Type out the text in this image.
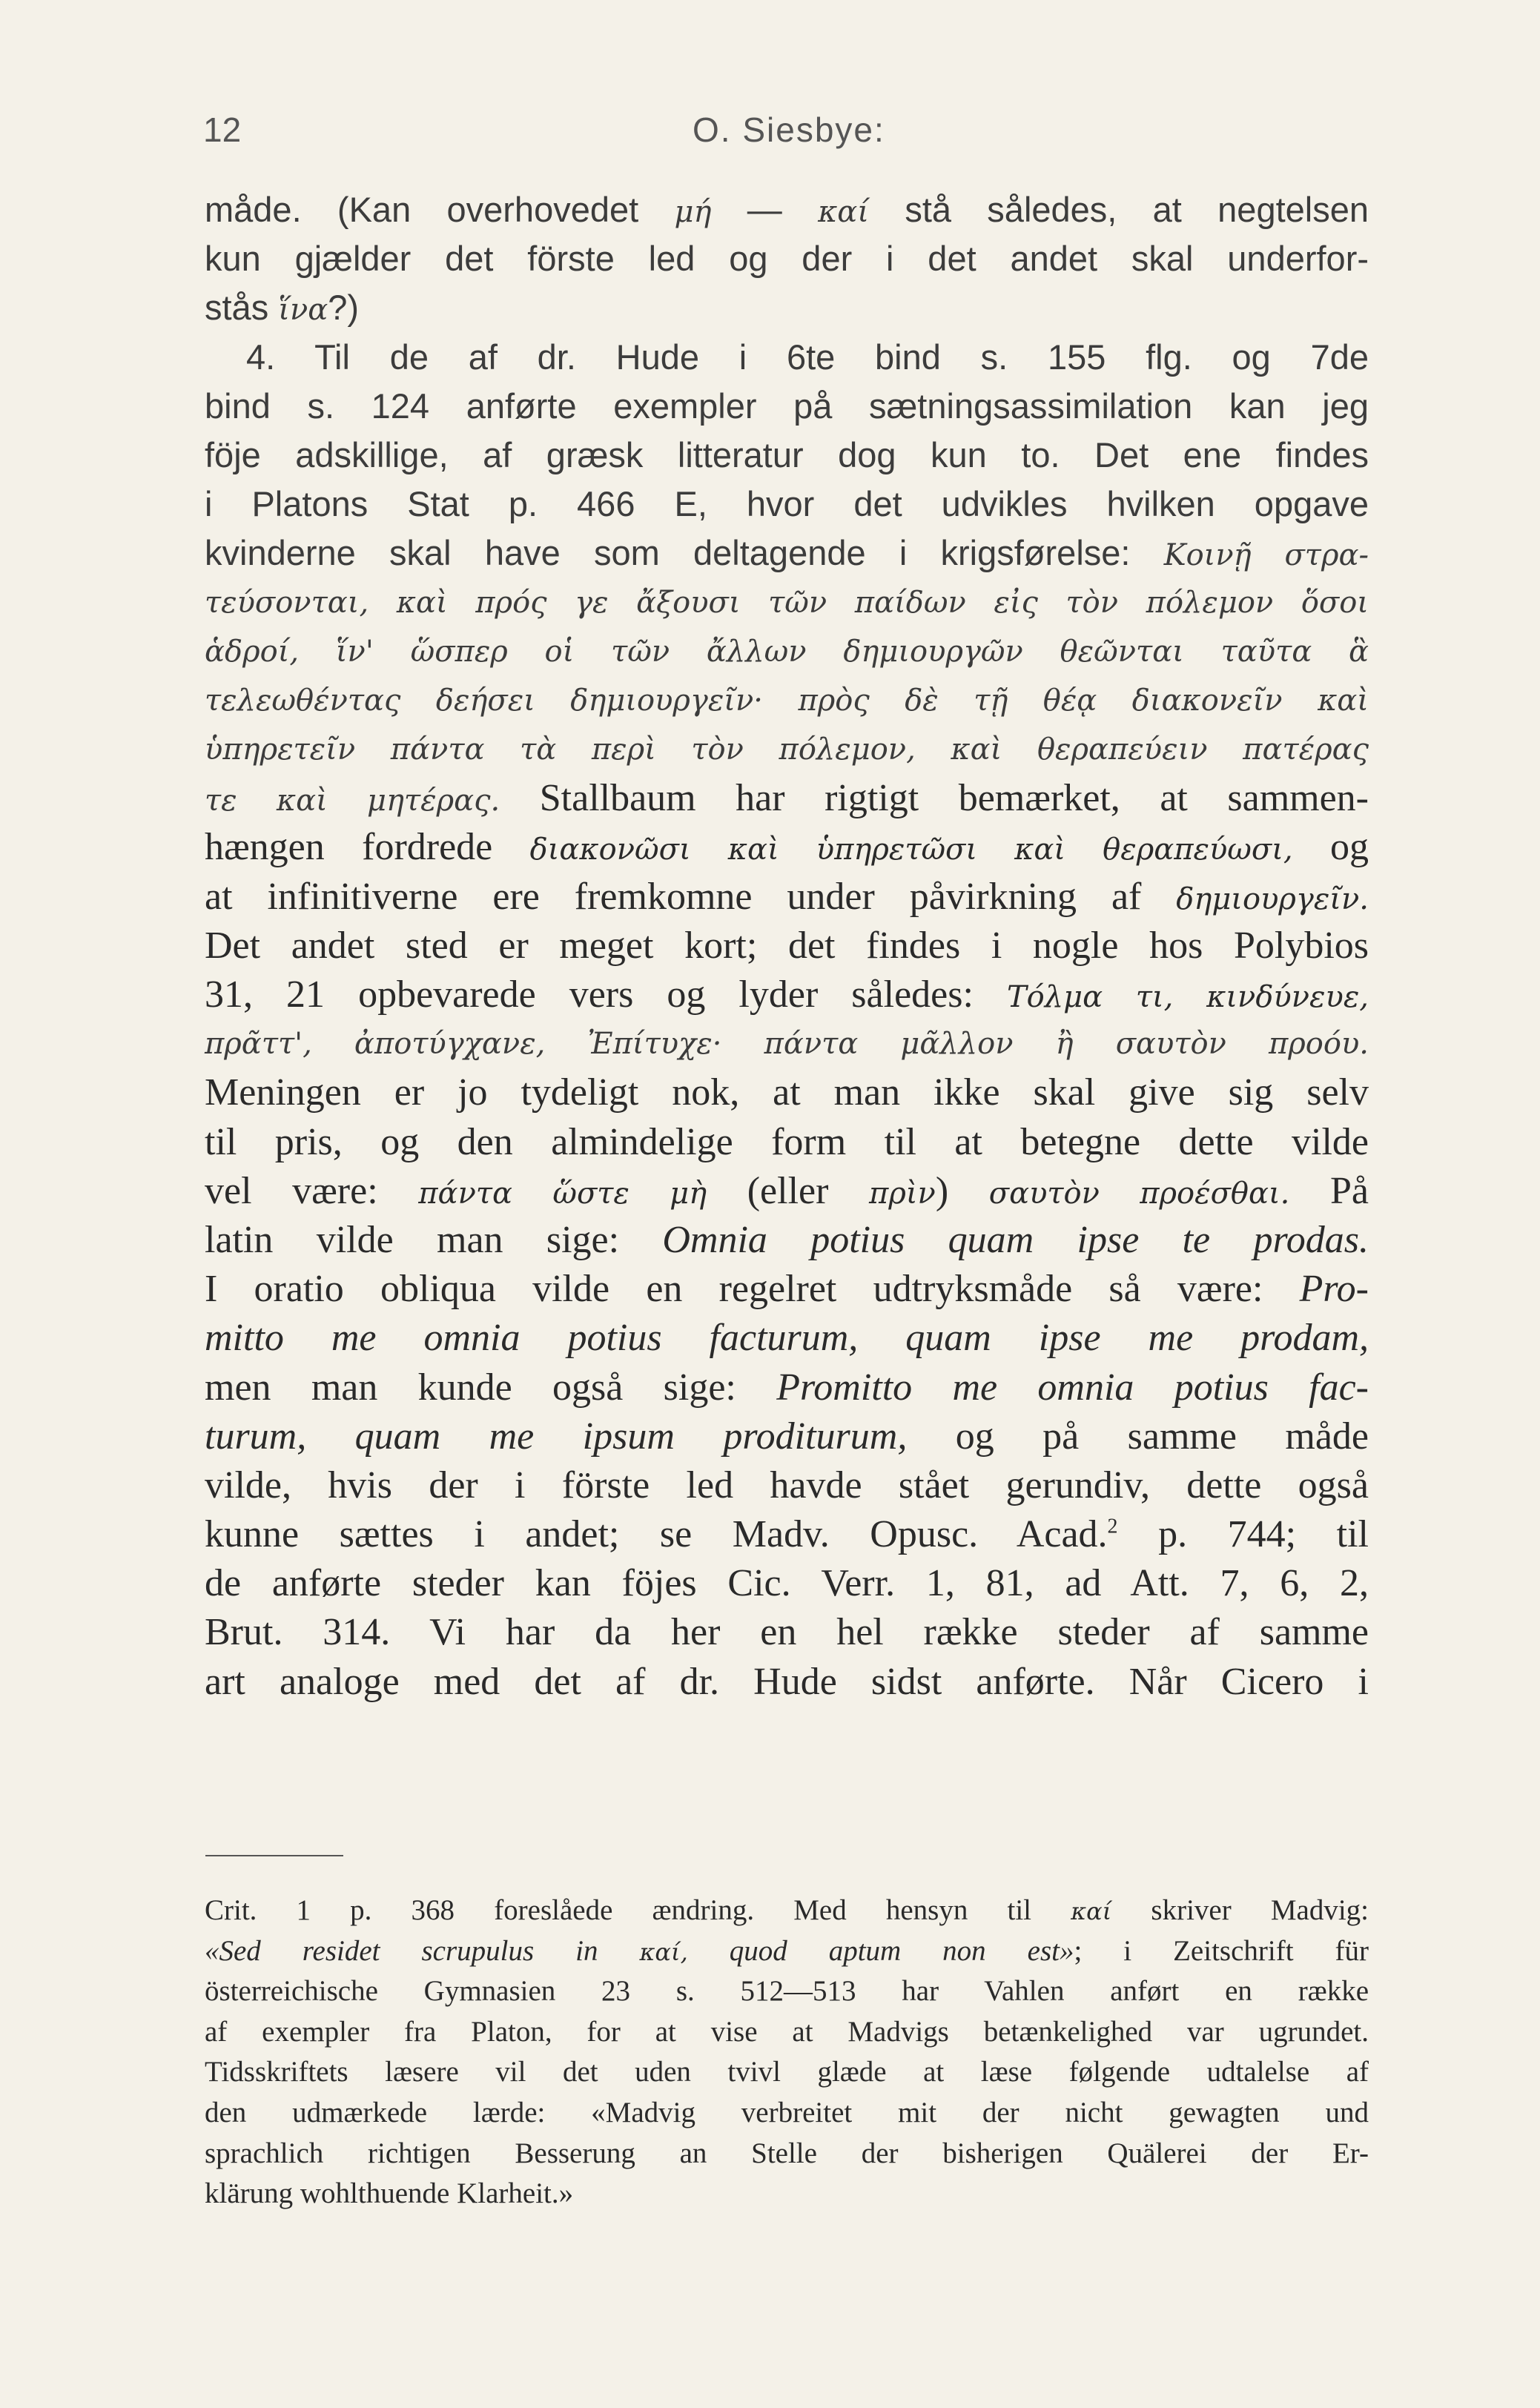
12	O. Siesbye:
måde. (Kan overhovedet μή — καί stå således, at negtelsen
kun gjælder det förste led og der i det andet skal underfor-
stås ἵνα?)
4. Til de af dr. Hude i 6te bind s. 155 flg. og 7de
bind s. 124 anførte exempler på sætningsassimilation kan jeg
föje adskillige, af græsk litteratur dog kun to. Det ene findes
i Platons Stat p. 466 E, hvor det udvikles hvilken opgave
kvinderne skal have som deltagende i krigsførelse: Κοινῇ στρα-
τεύσονται, καὶ πρός γε ἄξουσι τῶν παίδων εἰς τὸν πόλεμον ὅσοι
ἁδροί, ἵν' ὥσπερ οἱ τῶν ἄλλων δημιουργῶν θεῶνται ταῦτα ἃ
τελεωθέντας δεήσει δημιουργεῖν· πρὸς δὲ τῇ θέᾳ διακονεῖν καὶ
ὑπηρετεῖν πάντα τὰ περὶ τὸν πόλεμον, καὶ θεραπεύειν πατέρας
τε καὶ μητέρας. Stallbaum har rigtigt bemærket, at sammen-
hængen fordrede διακονῶσι καὶ ὑπηρετῶσι καὶ θεραπεύωσι, og
at infinitiverne ere fremkomne under påvirkning af δημιουργεῖν.
Det andet sted er meget kort; det findes i nogle hos Polybios
31, 21 opbevarede vers og lyder således: Τόλμα τι, κινδύνευε,
πρᾶττ', ἀποτύγχανε, Ἐπίτυχε· πάντα μᾶλλον ἢ σαυτὸν προόυ.
Meningen er jo tydeligt nok, at man ikke skal give sig selv
til pris, og den almindelige form til at betegne dette vilde
vel være: πάντα ὥστε μὴ (eller πρὶν) σαυτὸν προέσθαι. På
latin vilde man sige: Omnia potius quam ipse te prodas.
I oratio obliqua vilde en regelret udtryksmåde så være: Pro-
mitto me omnia potius facturum, quam ipse me prodam,
men man kunde også sige: Promitto me omnia potius fac-
turum, quam me ipsum proditurum, og på samme måde
vilde, hvis der i förste led havde stået gerundiv, dette også
kunne sættes i andet; se Madv. Opusc. Acad.$^2$ p. 744; til
de anførte steder kan föjes Cic. Verr. 1, 81, ad Att. 7, 6, 2,
Brut. 314. Vi har da her en hel række steder af samme
art analoge med det af dr. Hude sidst anførte. Når Cicero i
Crit. 1 p. 368 foreslåede ændring. Med hensyn til καί skriver Madvig:
«Sed residet scrupulus in καί, quod aptum non est»; i Zeitschrift für
österreichische Gymnasien 23 s. 512—513 har Vahlen anført en række
af exempler fra Platon, for at vise at Madvigs betænkelighed var ugrundet.
Tidsskriftets læsere vil det uden tvivl glæde at læse følgende udtalelse af
den udmærkede lærde: «Madvig verbreitet mit der nicht gewagten und
sprachlich richtigen Besserung an Stelle der bisherigen Quälerei der Er-
klärung wohlthuende Klarheit.»
